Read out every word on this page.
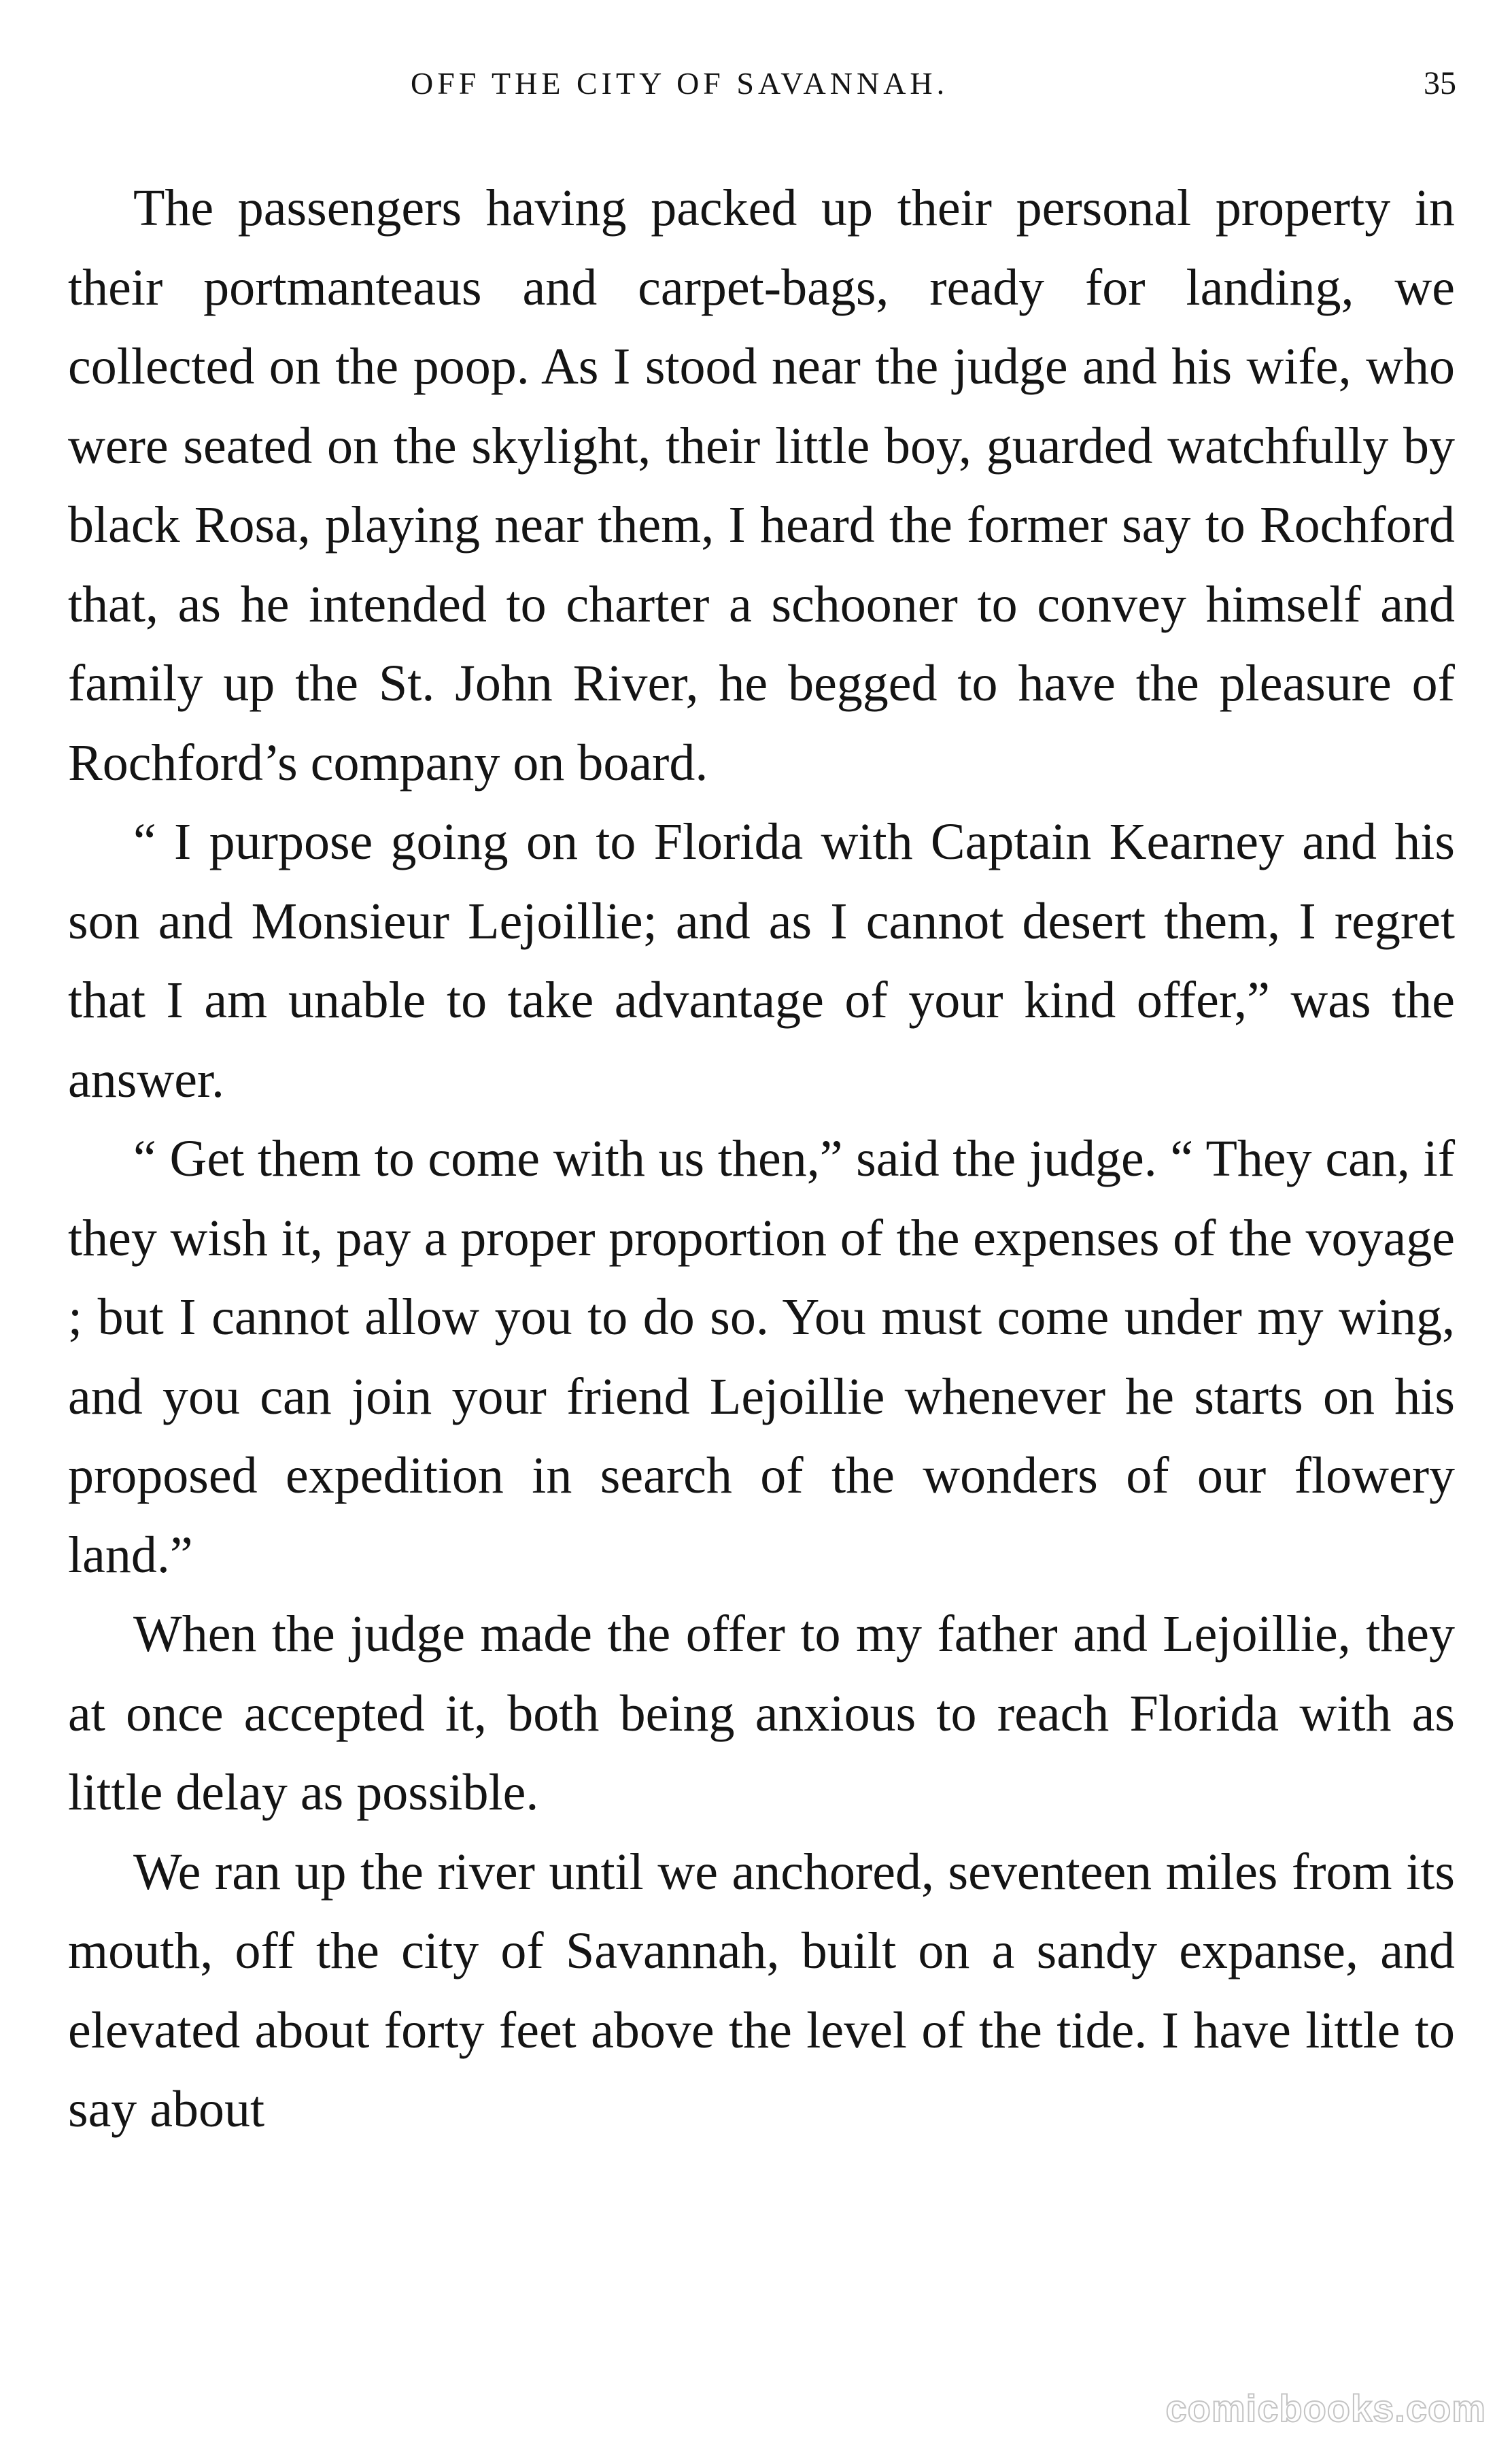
OFF THE CITY OF SAVANNAH.	35

The passengers having packed up their personal property in their portmanteaus and carpet-bags, ready for landing, we collected on the poop. As I stood near the judge and his wife, who were seated on the skylight, their little boy, guarded watchfully by black Rosa, playing near them, I heard the former say to Rochford that, as he intended to charter a schooner to convey himself and family up the St. John River, he begged to have the pleasure of Rochford’s company on board.

“ I purpose going on to Florida with Captain Kearney and his son and Monsieur Lejoillie; and as I cannot desert them, I regret that I am unable to take advantage of your kind offer,” was the answer.

“ Get them to come with us then,” said the judge. “ They can, if they wish it, pay a proper proportion of the expenses of the voyage ; but I cannot allow you to do so. You must come under my wing, and you can join your friend Lejoillie whenever he starts on his proposed expedition in search of the wonders of our flowery land.”

When the judge made the offer to my father and Lejoillie, they at once accepted it, both being anxious to reach Florida with as little delay as possible.

We ran up the river until we anchored, seventeen miles from its mouth, off the city of Savannah, built on a sandy expanse, and elevated about forty feet above the level of the tide. I have little to say about

comicbooks.com
